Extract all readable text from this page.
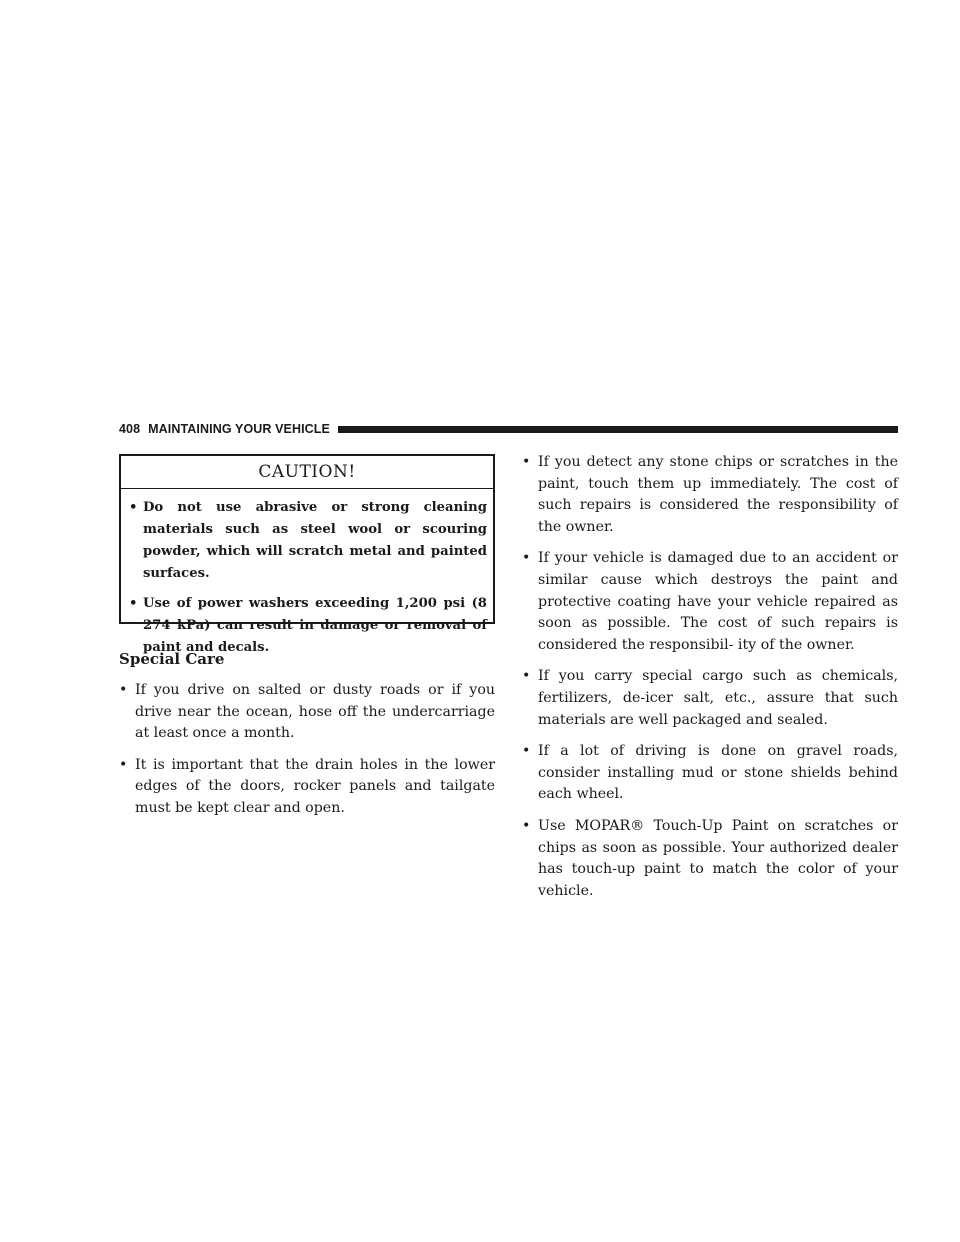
408 MAINTAINING YOUR VEHICLE
CAUTION!
• Do not use abrasive or strong cleaning materials such as steel wool or scouring powder, which will scratch metal and painted surfaces.
• Use of power washers exceeding 1,200 psi (8 274 kPa) can result in damage or removal of paint and decals.
Special Care
• If you drive on salted or dusty roads or if you drive near the ocean, hose off the undercarriage at least once a month.
• It is important that the drain holes in the lower edges of the doors, rocker panels and tailgate must be kept clear and open.
• If you detect any stone chips or scratches in the paint, touch them up immediately. The cost of such repairs is considered the responsibility of the owner.
• If your vehicle is damaged due to an accident or similar cause which destroys the paint and protective coating have your vehicle repaired as soon as possible. The cost of such repairs is considered the responsibil- ity of the owner.
• If you carry special cargo such as chemicals, fertilizers, de-icer salt, etc., assure that such materials are well packaged and sealed.
• If a lot of driving is done on gravel roads, consider installing mud or stone shields behind each wheel.
• Use MOPAR® Touch-Up Paint on scratches or chips as soon as possible. Your authorized dealer has touch-up paint to match the color of your vehicle.
